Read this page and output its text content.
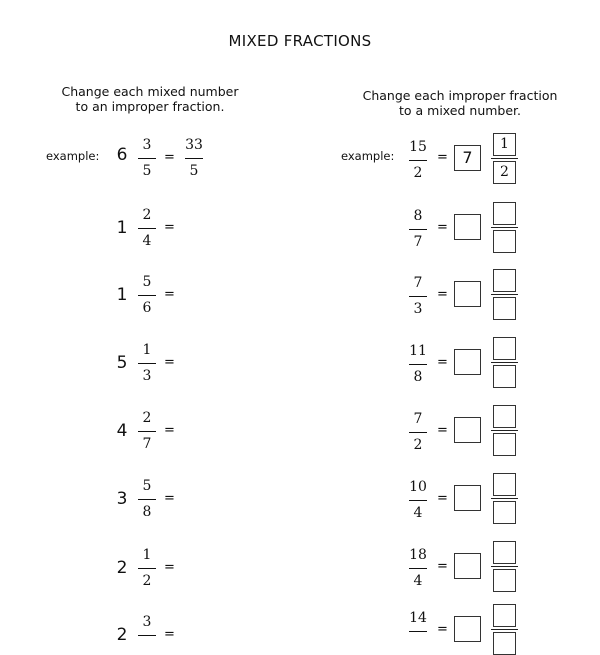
MIXED FRACTIONS
Change each mixed number
to an improper fraction.
Change each improper fraction
to a mixed number.
example: 6	3
5
=
33
5
example:
15
2
= 7
1
2
1
2
4
=
1
5
6
=
5
1
3
=
4
2
7
=
3
5
8
=
2
1
2
=
2
3
=
8
7
=
7
3
=
11
8
=
7
2
=
10
4
=
18
4
=
14
=
